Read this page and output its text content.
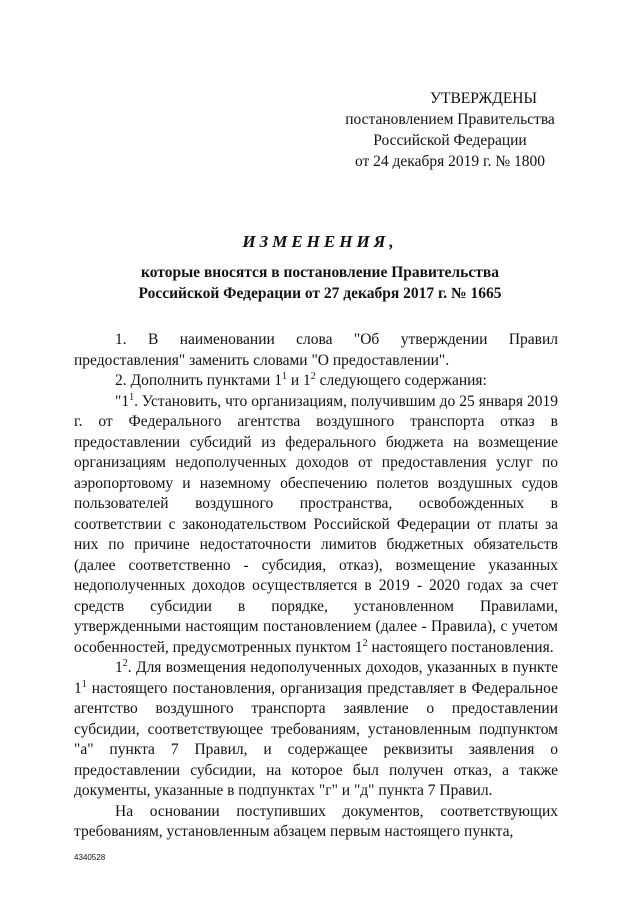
УТВЕРЖДЕНЫ
постановлением Правительства
Российской Федерации
от 24 декабря 2019 г. № 1800
ИЗМЕНЕНИЯ,
которые вносятся в постановление Правительства
Российской Федерации от 27 декабря 2017 г. № 1665

1. В наименовании слова "Об утверждении Правил предоставления" заменить словами "О предоставлении".

2. Дополнить пунктами $1^1$ и $1^2$ следующего содержания:

"$1^1$. Установить, что организациям, получившим до 25 января 2019 г. от Федерального агентства воздушного транспорта отказ в предоставлении субсидий из федерального бюджета на возмещение организациям недополученных доходов от предоставления услуг по аэропортовому и наземному обеспечению полетов воздушных судов пользователей воздушного пространства, освобожденных в соответствии с законодательством Российской Федерации от платы за них по причине недостаточности лимитов бюджетных обязательств (далее соответственно - субсидия, отказ), возмещение указанных недополученных доходов осуществляется в 2019 - 2020 годах за счет средств субсидии в порядке, установленном Правилами, утвержденными настоящим постановлением (далее - Правила), с учетом особенностей, предусмотренных пунктом $1^2$ настоящего постановления.

$1^2$. Для возмещения недополученных доходов, указанных в пункте $1^1$ настоящего постановления, организация представляет в Федеральное агентство воздушного транспорта заявление о предоставлении субсидии, соответствующее требованиям, установленным подпунктом "а" пункта 7 Правил, и содержащее реквизиты заявления о предоставлении субсидии, на которое был получен отказ, а также документы, указанные в подпунктах "г" и "д" пункта 7 Правил.

На основании поступивших документов, соответствующих требованиям, установленным абзацем первым настоящего пункта,

4340528
